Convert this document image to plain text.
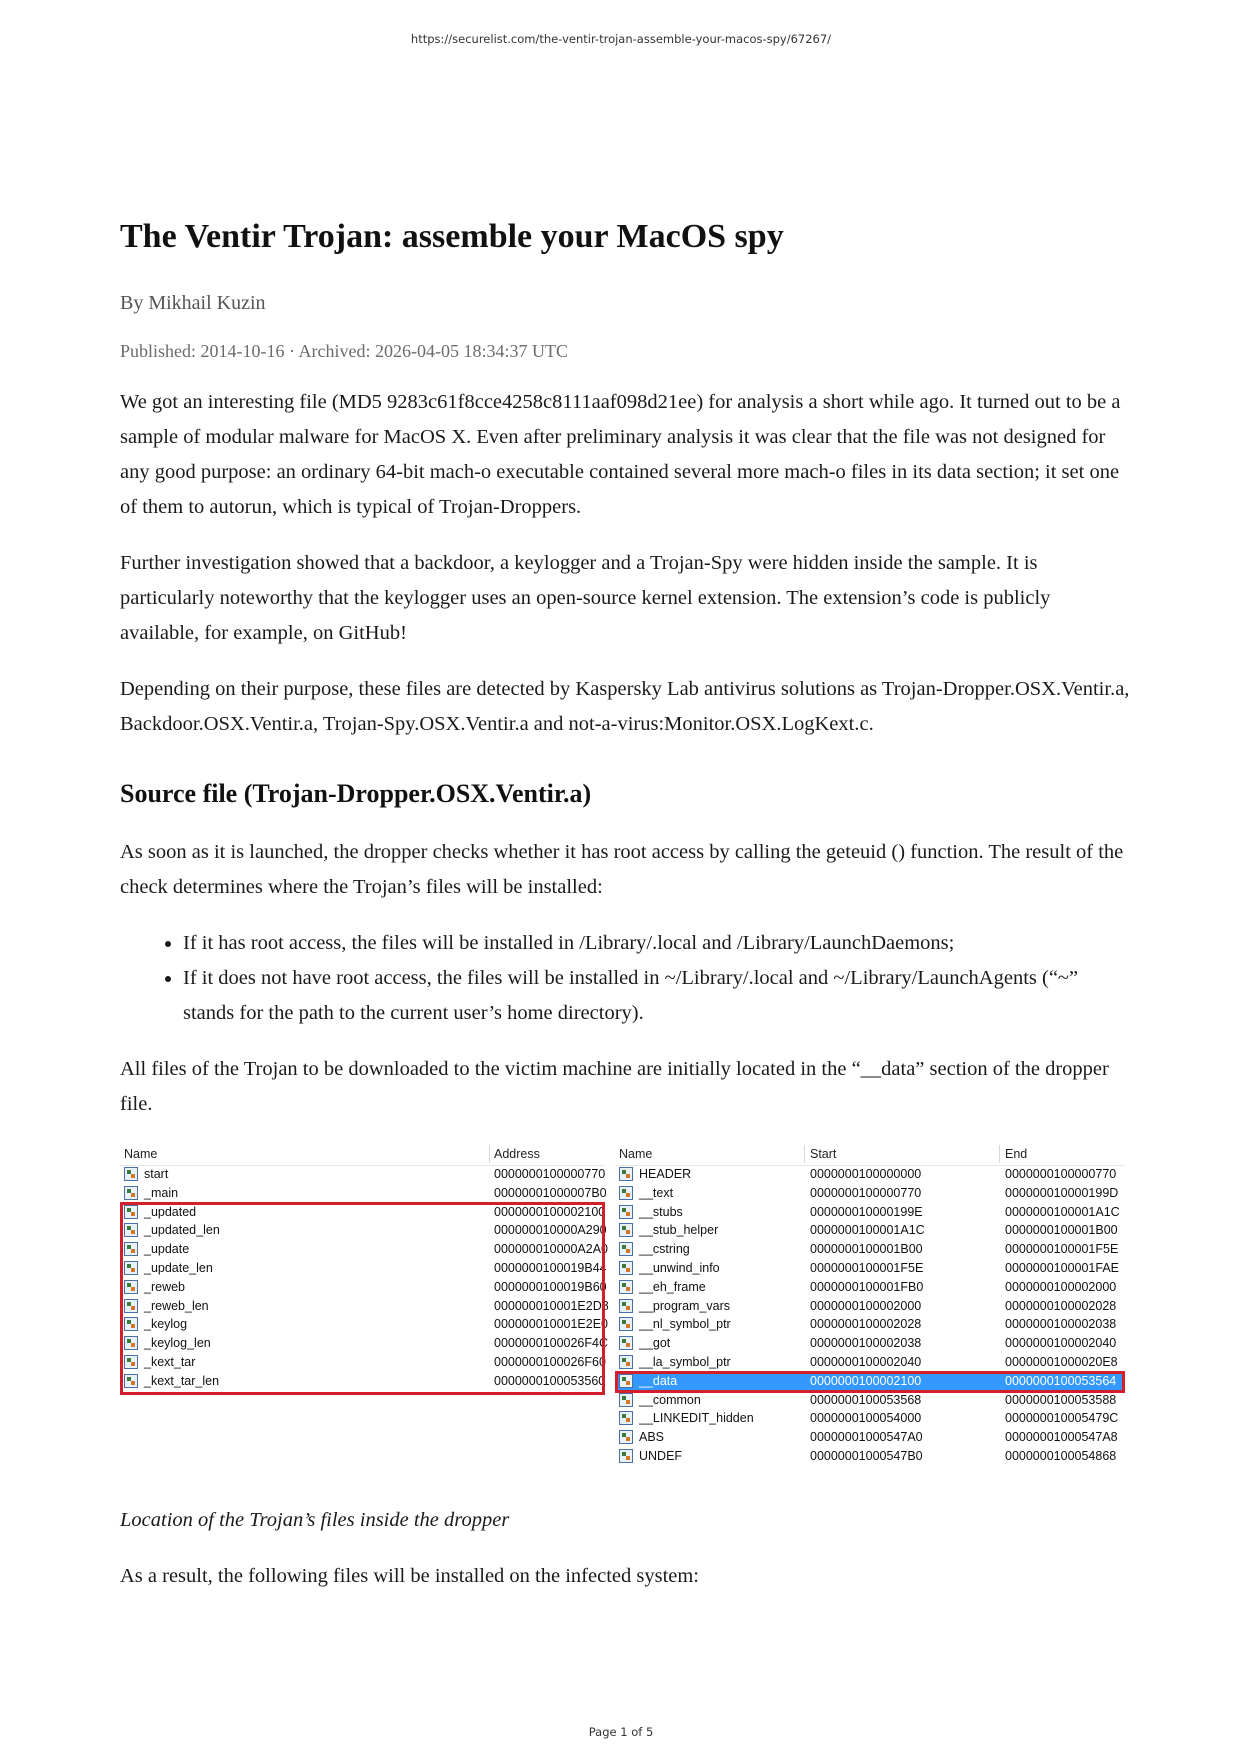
https://securelist.com/the-ventir-trojan-assemble-your-macos-spy/67267/
The Ventir Trojan: assemble your MacOS spy
By Mikhail Kuzin
Published: 2014-10-16 · Archived: 2026-04-05 18:34:37 UTC

We got an interesting file (MD5 9283c61f8cce4258c8111aaf098d21ee) for analysis a short while ago. It turned out to be a sample of modular malware for MacOS X. Even after preliminary analysis it was clear that the file was not designed for any good purpose: an ordinary 64-bit mach-o executable contained several more mach-o files in its data section; it set one of them to autorun, which is typical of Trojan-Droppers.

Further investigation showed that a backdoor, a keylogger and a Trojan-Spy were hidden inside the sample. It is particularly noteworthy that the keylogger uses an open-source kernel extension. The extension’s code is publicly available, for example, on GitHub!

Depending on their purpose, these files are detected by Kaspersky Lab antivirus solutions as Trojan-Dropper.OSX.Ventir.a, Backdoor.OSX.Ventir.a, Trojan-Spy.OSX.Ventir.a and not-a-virus:Monitor.OSX.LogKext.c.

Source file (Trojan-Dropper.OSX.Ventir.a)

As soon as it is launched, the dropper checks whether it has root access by calling the geteuid () function. The result of the check determines where the Trojan’s files will be installed:

• If it has root access, the files will be installed in /Library/.local and /Library/LaunchDaemons;
• If it does not have root access, the files will be installed in ~/Library/.local and ~/Library/LaunchAgents (“~” stands for the path to the current user’s home directory).

All files of the Trojan to be downloaded to the victim machine are initially located in the “__data” section of the dropper file.

Name	Address
start	0000000100000770
_main	00000001000007B0
_updated	0000000100002100
_updated_len	000000010000A290
_update	000000010000A2A0
_update_len	0000000100019B44
_reweb	0000000100019B60
_reweb_len	000000010001E2D8
_keylog	000000010001E2E0
_keylog_len	0000000100026F4C
_kext_tar	0000000100026F60
_kext_tar_len	0000000100053560
Name	Start	End
HEADER	0000000100000000	0000000100000770
__text	0000000100000770	000000010000199D
__stubs	000000010000199E	0000000100001A1C
__stub_helper	0000000100001A1C	0000000100001B00
__cstring	0000000100001B00	0000000100001F5E
__unwind_info	0000000100001F5E	0000000100001FAE
__eh_frame	0000000100001FB0	0000000100002000
__program_vars	0000000100002000	0000000100002028
__nl_symbol_ptr	0000000100002028	0000000100002038
__got	0000000100002038	0000000100002040
__la_symbol_ptr	0000000100002040	00000001000020E8
__data	0000000100002100	0000000100053564
__common	0000000100053568	0000000100053588
__LINKEDIT_hidden	0000000100054000	000000010005479C
ABS	00000001000547A0	00000001000547A8
UNDEF	00000001000547B0	0000000100054868
Location of the Trojan’s files inside the dropper

As a result, the following files will be installed on the infected system:

Page 1 of 5
